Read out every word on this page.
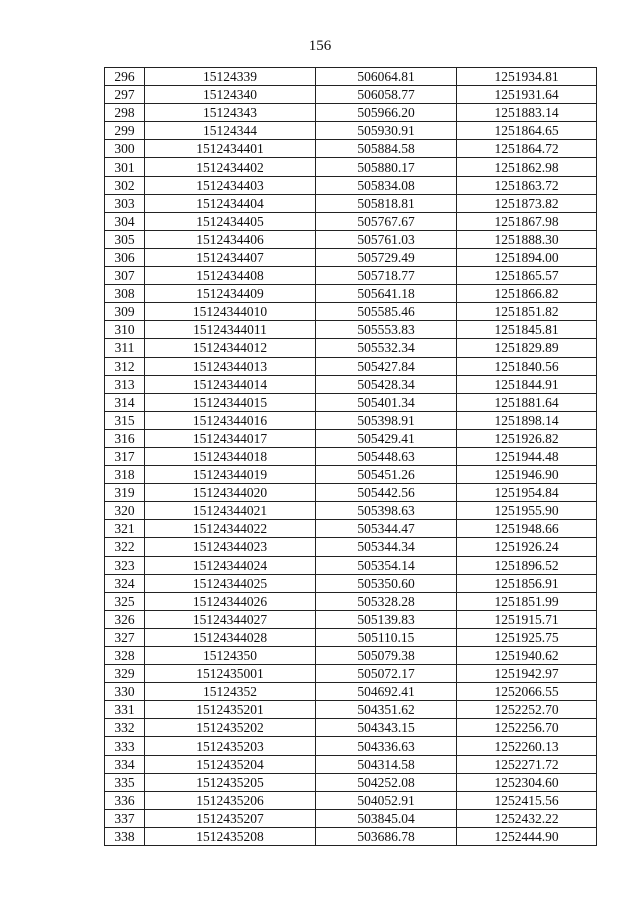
156
296	15124339	506064.81	1251934.81
297	15124340	506058.77	1251931.64
298	15124343	505966.20	1251883.14
299	15124344	505930.91	1251864.65
300	1512434401	505884.58	1251864.72
301	1512434402	505880.17	1251862.98
302	1512434403	505834.08	1251863.72
303	1512434404	505818.81	1251873.82
304	1512434405	505767.67	1251867.98
305	1512434406	505761.03	1251888.30
306	1512434407	505729.49	1251894.00
307	1512434408	505718.77	1251865.57
308	1512434409	505641.18	1251866.82
309	15124344010	505585.46	1251851.82
310	15124344011	505553.83	1251845.81
311	15124344012	505532.34	1251829.89
312	15124344013	505427.84	1251840.56
313	15124344014	505428.34	1251844.91
314	15124344015	505401.34	1251881.64
315	15124344016	505398.91	1251898.14
316	15124344017	505429.41	1251926.82
317	15124344018	505448.63	1251944.48
318	15124344019	505451.26	1251946.90
319	15124344020	505442.56	1251954.84
320	15124344021	505398.63	1251955.90
321	15124344022	505344.47	1251948.66
322	15124344023	505344.34	1251926.24
323	15124344024	505354.14	1251896.52
324	15124344025	505350.60	1251856.91
325	15124344026	505328.28	1251851.99
326	15124344027	505139.83	1251915.71
327	15124344028	505110.15	1251925.75
328	15124350	505079.38	1251940.62
329	1512435001	505072.17	1251942.97
330	15124352	504692.41	1252066.55
331	1512435201	504351.62	1252252.70
332	1512435202	504343.15	1252256.70
333	1512435203	504336.63	1252260.13
334	1512435204	504314.58	1252271.72
335	1512435205	504252.08	1252304.60
336	1512435206	504052.91	1252415.56
337	1512435207	503845.04	1252432.22
338	1512435208	503686.78	1252444.90
